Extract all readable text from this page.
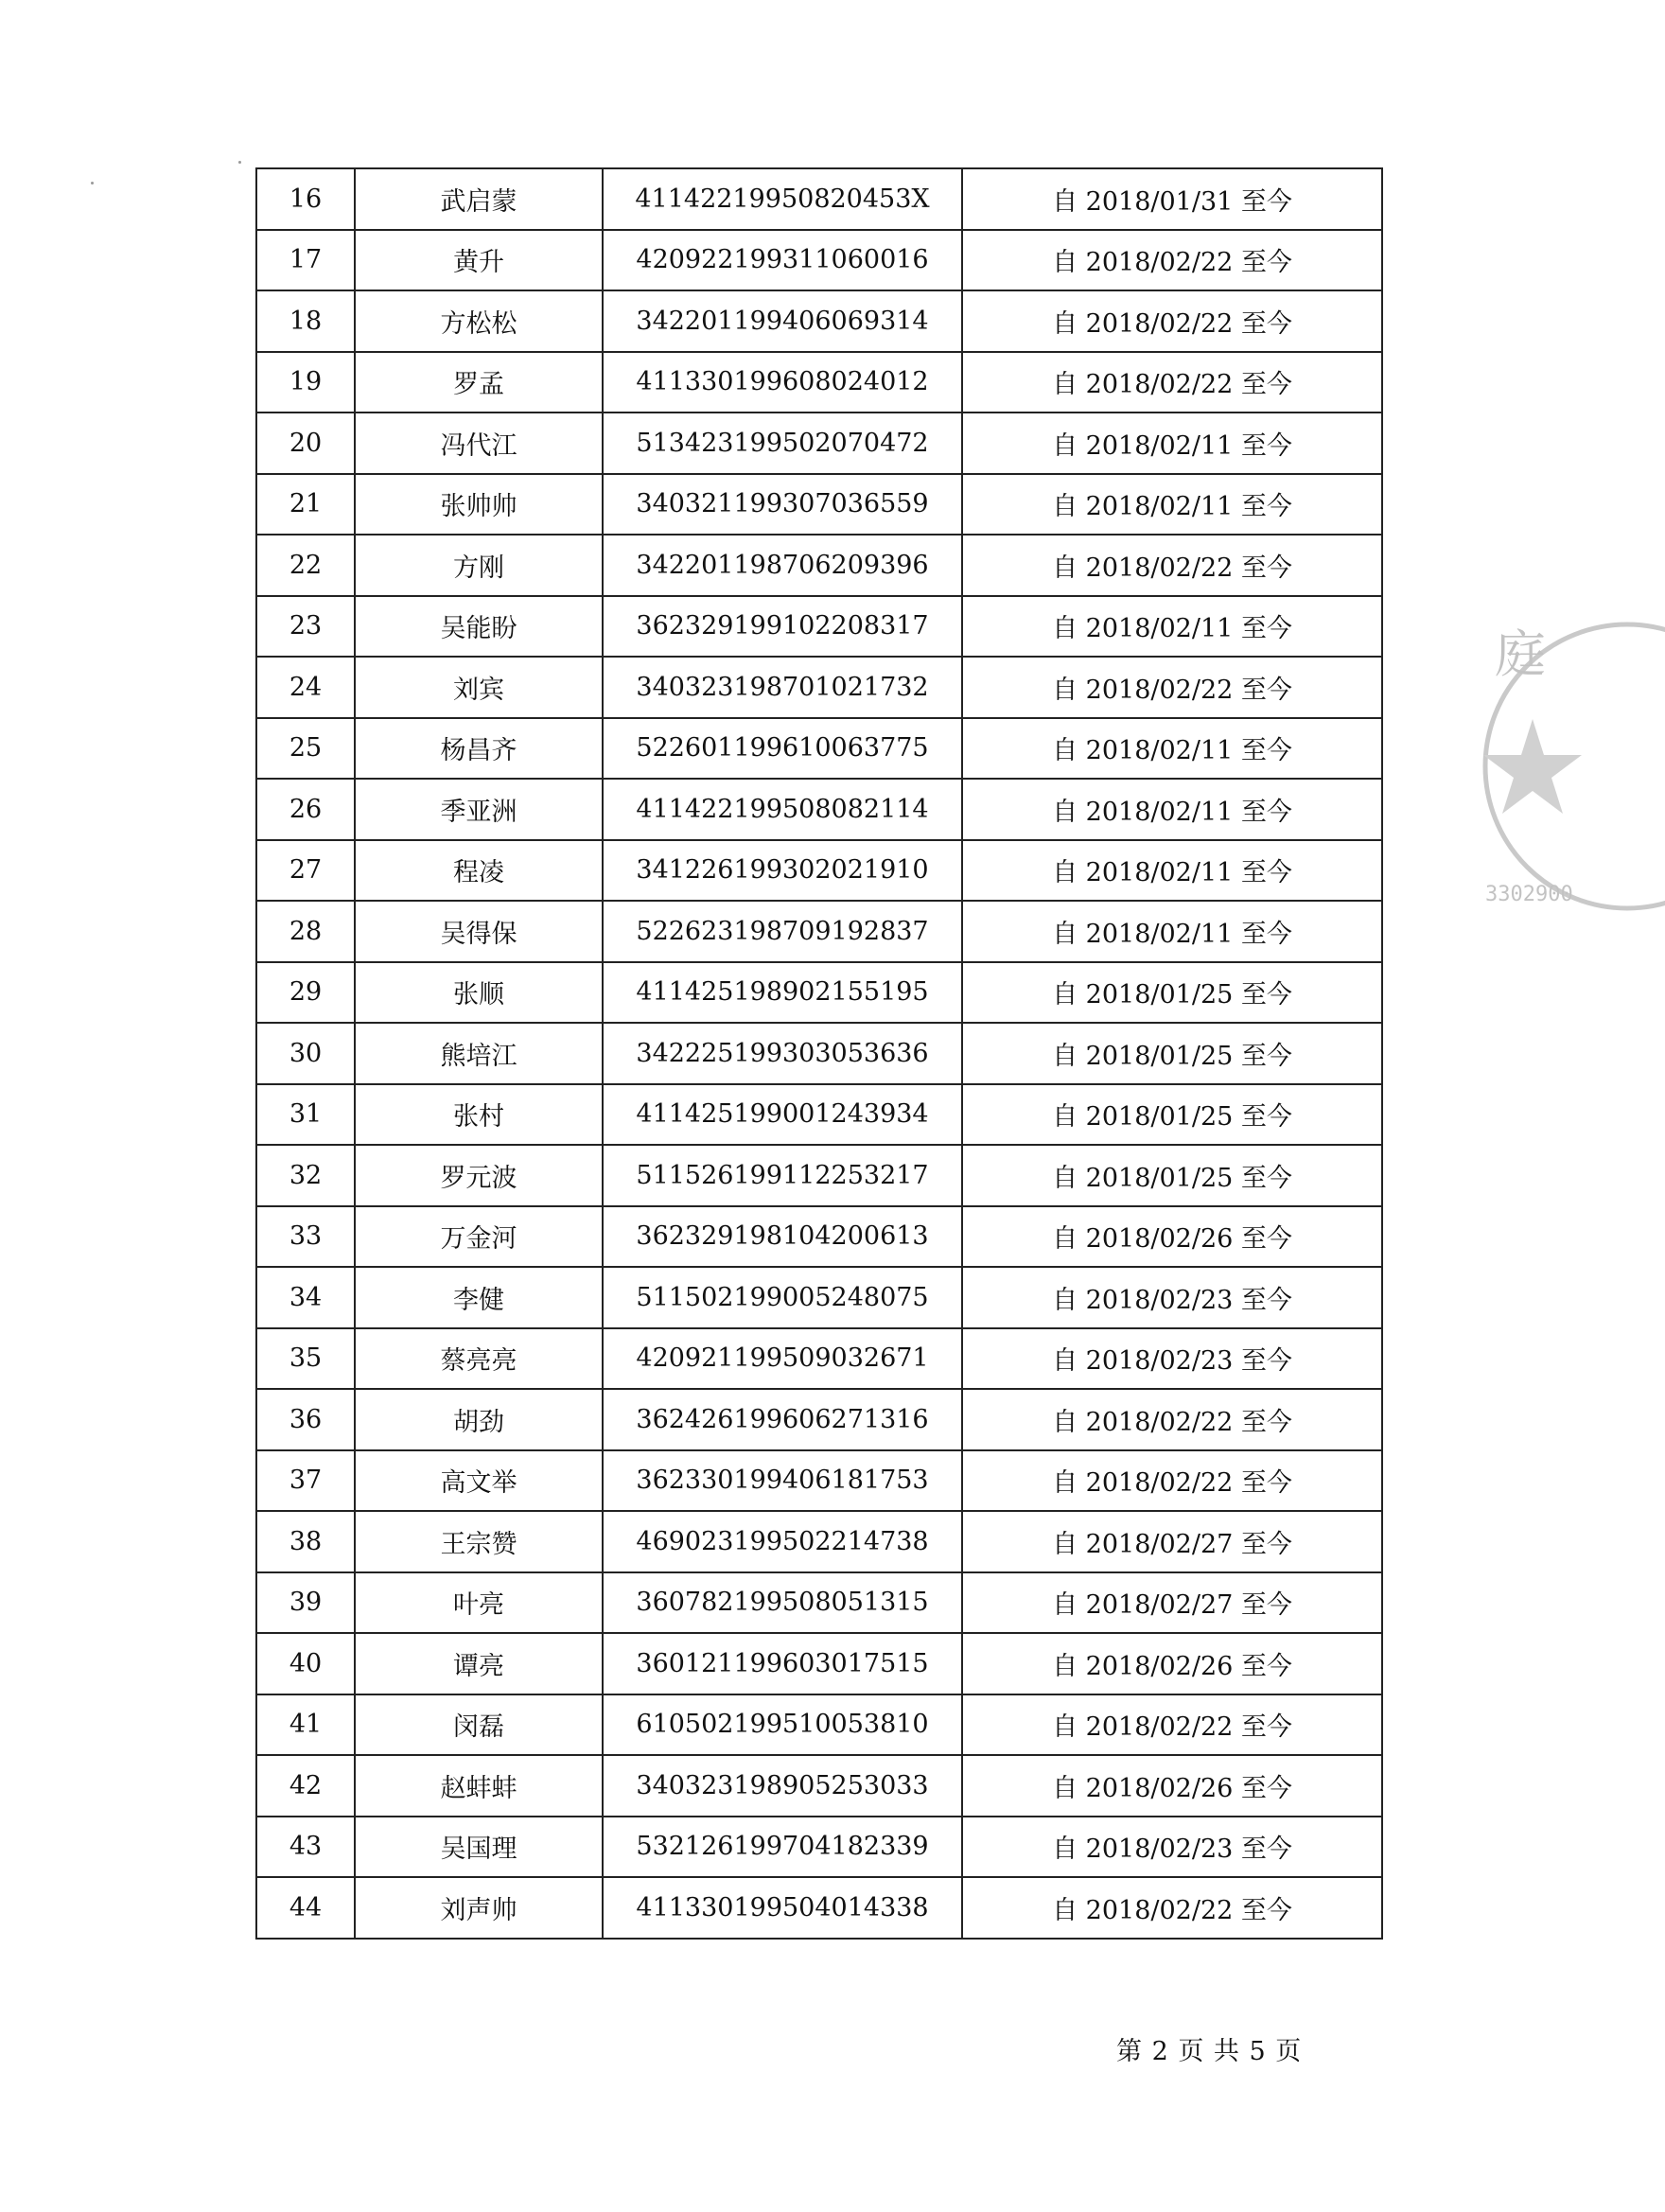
16	武启蒙	41142219950820453X	自 2018/01/31 至今
17	黄升	420922199311060016	自 2018/02/22 至今
18	方松松	342201199406069314	自 2018/02/22 至今
19	罗孟	411330199608024012	自 2018/02/22 至今
20	冯代江	513423199502070472	自 2018/02/11 至今
21	张帅帅	340321199307036559	自 2018/02/11 至今
22	方刚	342201198706209396	自 2018/02/22 至今
23	吴能盼	362329199102208317	自 2018/02/11 至今
24	刘宾	340323198701021732	自 2018/02/22 至今
25	杨昌齐	522601199610063775	自 2018/02/11 至今
26	季亚洲	411422199508082114	自 2018/02/11 至今
27	程凌	341226199302021910	自 2018/02/11 至今
28	吴得保	522623198709192837	自 2018/02/11 至今
29	张顺	411425198902155195	自 2018/01/25 至今
30	熊培江	342225199303053636	自 2018/01/25 至今
31	张村	411425199001243934	自 2018/01/25 至今
32	罗元波	511526199112253217	自 2018/01/25 至今
33	万金河	362329198104200613	自 2018/02/26 至今
34	李健	511502199005248075	自 2018/02/23 至今
35	蔡亮亮	420921199509032671	自 2018/02/23 至今
36	胡劲	362426199606271316	自 2018/02/22 至今
37	高文举	362330199406181753	自 2018/02/22 至今
38	王宗赞	469023199502214738	自 2018/02/27 至今
39	叶亮	360782199508051315	自 2018/02/27 至今
40	谭亮	360121199603017515	自 2018/02/26 至今
41	闵磊	610502199510053810	自 2018/02/22 至今
42	赵蚌蚌	340323198905253033	自 2018/02/26 至今
43	吴国理	532126199704182339	自 2018/02/23 至今
44	刘声帅	411330199504014338	自 2018/02/22 至今
第 2 页 共 5 页
庭
3302900
